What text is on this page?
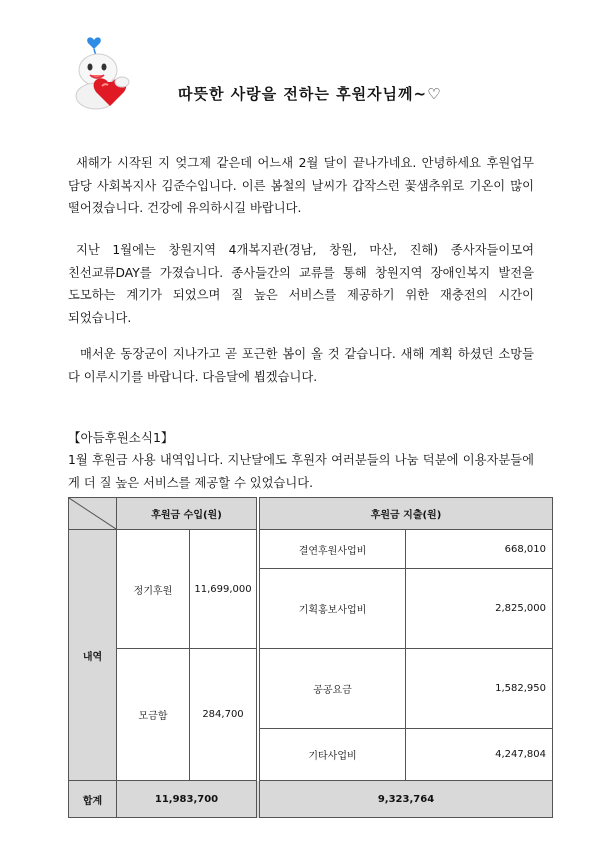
따뜻한 사랑을 전하는 후원자님께~♡

새해가 시작된 지 엊그제 같은데 어느새 2월 달이 끝나가네요. 안녕하세요 후원업무 담당 사회복지사 김준수입니다. 이른 봄철의 날씨가 갑작스런 꽃샘추위로 기온이 많이 떨어졌습니다. 건강에 유의하시길 바랍니다.

지난 1월에는 창원지역 4개복지관(경남, 창원, 마산, 진해) 종사자들이모여 친선교류DAY를 가졌습니다. 종사들간의 교류를 통해 창원지역 장애인복지 발전을 도모하는 계기가 되었으며 질 높은 서비스를 제공하기 위한 재충전의 시간이 되었습니다.

매서운 동장군이 지나가고 곧 포근한 봄이 올 것 같습니다. 새해 계획 하셨던 소망들 다 이루시기를 바랍니다. 다음달에 뵙겠습니다.

【아듬후원소식1】

1월 후원금 사용 내역입니다. 지난달에도 후원자 여러분들의 나눔 덕분에 이용자분들에게 더 질 높은 서비스를 제공할 수 있었습니다.

	후원금 수입(원)			후원금 지출(원)	
내역	정기후원	11,699,000		결연후원사업비	668,010
				기획홍보사업비	2,825,000
	모금함	284,700		공공요금	1,582,950
				기타사업비	4,247,804
합계	11,983,700			9,323,764	
